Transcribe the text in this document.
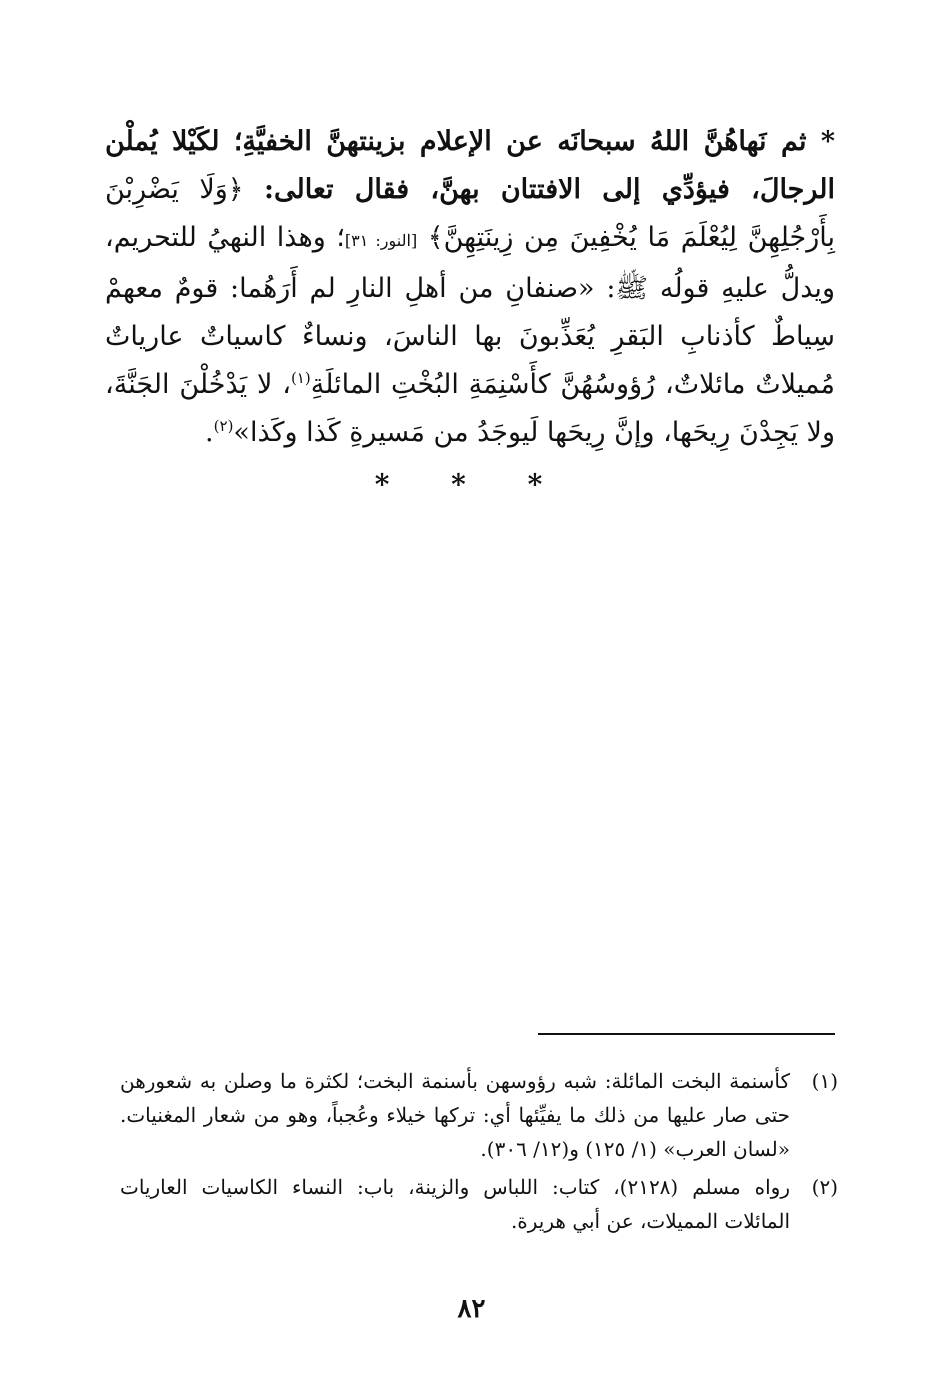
* ثم نَهاهُنَّ اللهُ سبحانَه عن الإعلام بزينتهنَّ الخفيَّةِ؛ لكَيْلا يُملْن الرجالَ، فيؤدِّي إلى الافتتان بهنَّ، فقال تعالى: ﴿وَلَا يَضْرِبْنَ بِأَرْجُلِهِنَّ لِيُعْلَمَ مَا يُخْفِينَ مِن زِينَتِهِنَّ﴾ [النور: ٣١]؛ وهذا النهيُ للتحريم، ويدلُّ عليهِ قولُه ﷺ: «صنفانِ من أهلِ النارِ لم أَرَهُما: قومٌ معهمْ سِياطٌ كأذنابِ البَقرِ يُعَذِّبونَ بها الناسَ، ونساءٌ كاسياتٌ عارياتٌ مُميلاتٌ مائلاتٌ، رُؤوسُهُنَّ كأَسْنِمَةِ البُخْتِ المائلَةِ$^{(١)}$، لا يَدْخُلْنَ الجَنَّةَ، ولا يَجِدْنَ رِيحَها، وإنَّ رِيحَها لَيوجَدُ من مَسيرةِ كَذا وكَذا»$^{(٢)}$.
* * *
(١)
كأسنمة البخت المائلة: شبه رؤوسهن بأسنمة البخت؛ لكثرة ما وصلن به شعورهن حتى صار عليها من ذلك ما يفيِّئها أي: تركها خيلاء وعُجباً، وهو من شعار المغنيات. «لسان العرب» (١/ ١٢٥) و(١٢/ ٣٠٦).
(٢)
رواه مسلم (٢١٢٨)، كتاب: اللباس والزينة، باب: النساء الكاسيات العاريات المائلات المميلات، عن أبي هريرة.
٨٢
